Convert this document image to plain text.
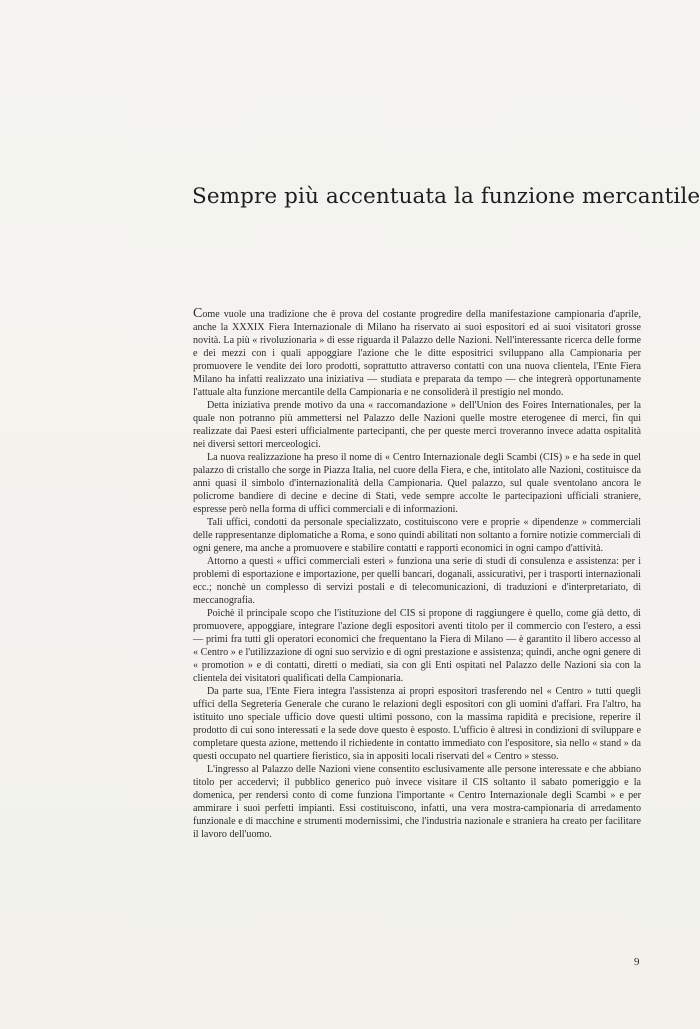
Sempre più accentuata la funzione mercantile

Come vuole una tradizione che è prova del costante progredire della manifestazione campionaria d'aprile, anche la XXXIX Fiera Internazionale di Milano ha riservato ai suoi espositori ed ai suoi visitatori grosse novità. La più « rivoluzionaria » di esse riguarda il Palazzo delle Nazioni. Nell'interessante ricerca delle forme e dei mezzi con i quali appoggiare l'azione che le ditte espositrici sviluppano alla Campionaria per promuovere le vendite dei loro prodotti, soprattutto attraverso contatti con una nuova clientela, l'Ente Fiera Milano ha infatti realizzato una iniziativa — studiata e preparata da tempo — che integrerà opportunamente l'attuale alta funzione mercantile della Campionaria e ne consoliderà il prestigio nel mondo.

Detta iniziativa prende motivo da una « raccomandazione » dell'Union des Foires Internationales, per la quale non potranno più ammettersi nel Palazzo delle Nazioni quelle mostre eterogenee di merci, fin qui realizzate dai Paesi esteri ufficialmente partecipanti, che per queste merci troveranno invece adatta ospitalità nei diversi settori merceologici.

La nuova realizzazione ha preso il nome di « Centro Internazionale degli Scambi (CIS) » e ha sede in quel palazzo di cristallo che sorge in Piazza Italia, nel cuore della Fiera, e che, intitolato alle Nazioni, costituisce da anni quasi il simbolo d'internazionalità della Campionaria. Quel palazzo, sul quale sventolano ancora le policrome bandiere di decine e decine di Stati, vede sempre accolte le partecipazioni ufficiali straniere, espresse però nella forma di uffici commerciali e di informazioni.

Tali uffici, condotti da personale specializzato, costituiscono vere e proprie « dipendenze » commerciali delle rappresentanze diplomatiche a Roma, e sono quindi abilitati non soltanto a fornire notizie commerciali di ogni genere, ma anche a promuovere e stabilire contatti e rapporti economici in ogni campo d'attività.

Attorno a questi « uffici commerciali esteri » funziona una serie di studi di consulenza e assistenza: per i problemi di esportazione e importazione, per quelli bancari, doganali, assicurativi, per i trasporti internazionali ecc.; nonchè un complesso di servizi postali e di telecomunicazioni, di traduzioni e d'interpretariato, di meccanografia.

Poichè il principale scopo che l'istituzione del CIS si propone di raggiungere è quello, come già detto, di promuovere, appoggiare, integrare l'azione degli espositori aventi titolo per il commercio con l'estero, a essi — primi fra tutti gli operatori economici che frequentano la Fiera di Milano — è garantito il libero accesso al « Centro » e l'utilizzazione di ogni suo servizio e di ogni prestazione e assistenza; quindi, anche ogni genere di « promotion » e di contatti, diretti o mediati, sia con gli Enti ospitati nel Palazzo delle Nazioni sia con la clientela dei visitatori qualificati della Campionaria.

Da parte sua, l'Ente Fiera integra l'assistenza ai propri espositori trasferendo nel « Centro » tutti quegli uffici della Segreteria Generale che curano le relazioni degli espositori con gli uomini d'affari. Fra l'altro, ha istituito uno speciale ufficio dove questi ultimi possono, con la massima rapidità e precisione, reperire il prodotto di cui sono interessati e la sede dove questo è esposto. L'ufficio è altresì in condizioni di sviluppare e completare questa azione, mettendo il richiedente in contatto immediato con l'espositore, sia nello « stand » da questi occupato nel quartiere fieristico, sia in appositi locali riservati del « Centro » stesso.

L'ingresso al Palazzo delle Nazioni viene consentito esclusivamente alle persone interessate e che abbiano titolo per accedervi; il pubblico generico può invece visitare il CIS soltanto il sabato pomeriggio e la domenica, per rendersi conto di come funziona l'importante « Centro Internazionale degli Scambi » e per ammirare i suoi perfetti impianti. Essi costituiscono, infatti, una vera mostra-campionaria di arredamento funzionale e di macchine e strumenti modernissimi, che l'industria nazionale e straniera ha creato per facilitare il lavoro dell'uomo.

9
